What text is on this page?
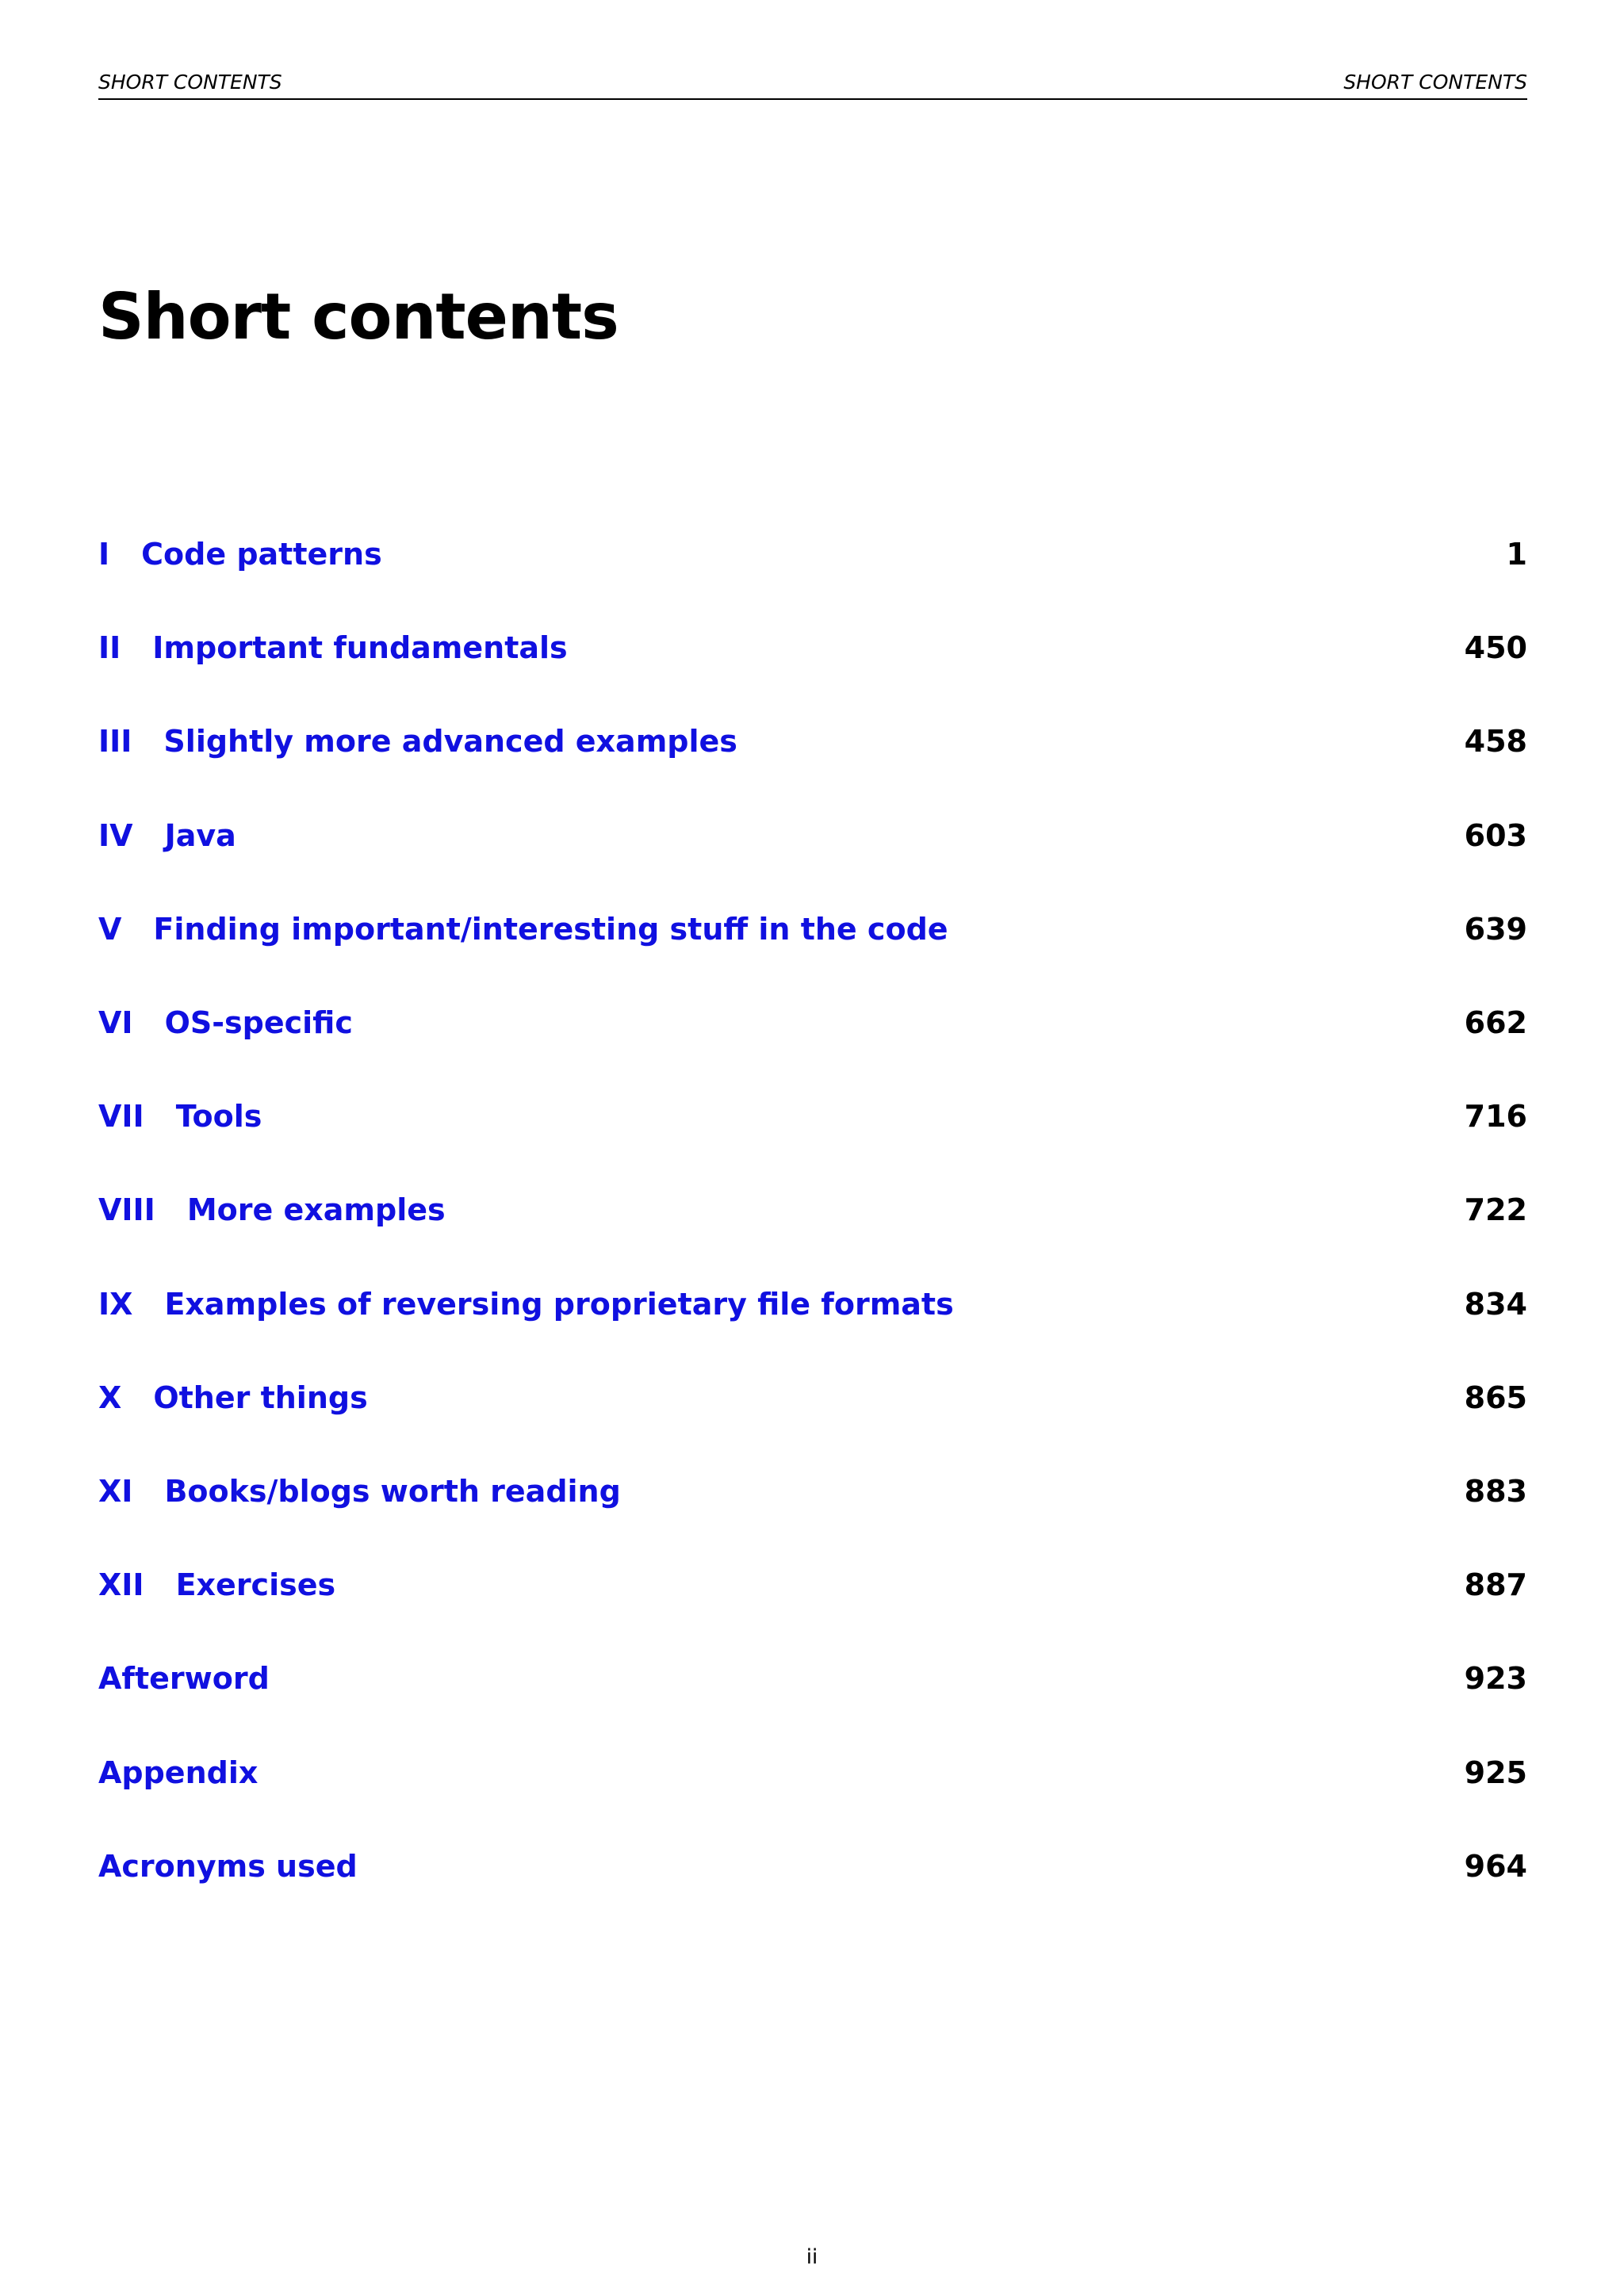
SHORT CONTENTS	SHORT CONTENTS
Short contents
I Code patterns	1
II Important fundamentals	450
III Slightly more advanced examples	458
IV Java	603
V Finding important/interesting stuff in the code	639
VI OS-specific	662
VII Tools	716
VIII More examples	722
IX Examples of reversing proprietary file formats	834
X Other things	865
XI Books/blogs worth reading	883
XII Exercises	887
Afterword	923
Appendix	925
Acronyms used	964
ii
